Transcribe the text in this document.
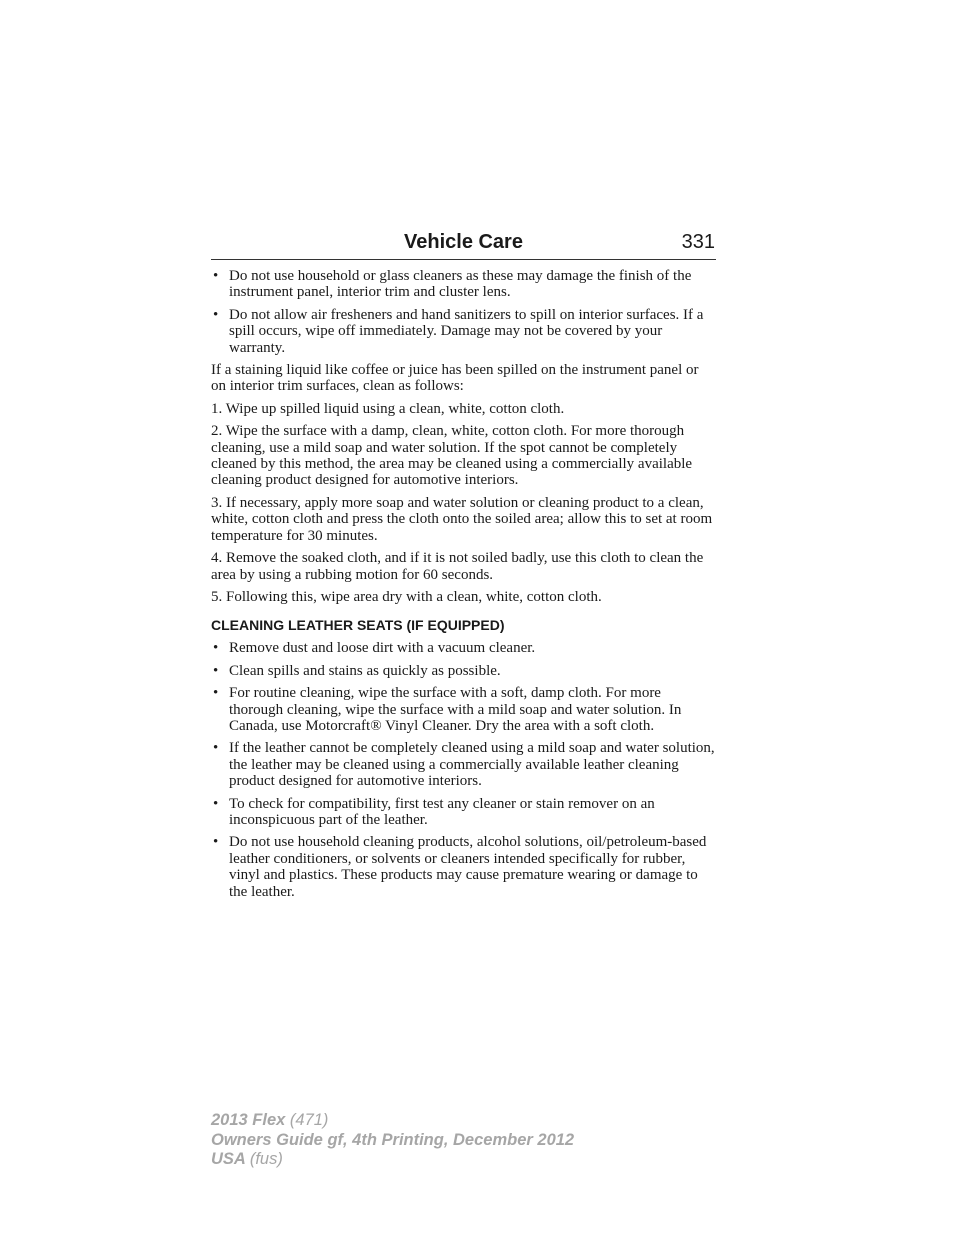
Vehicle Care	331
• Do not use household or glass cleaners as these may damage the finish of the instrument panel, interior trim and cluster lens.
• Do not allow air fresheners and hand sanitizers to spill on interior surfaces. If a spill occurs, wipe off immediately. Damage may not be covered by your warranty.

If a staining liquid like coffee or juice has been spilled on the instrument panel or on interior trim surfaces, clean as follows:

1. Wipe up spilled liquid using a clean, white, cotton cloth.

2. Wipe the surface with a damp, clean, white, cotton cloth. For more thorough cleaning, use a mild soap and water solution. If the spot cannot be completely cleaned by this method, the area may be cleaned using a commercially available cleaning product designed for automotive interiors.

3. If necessary, apply more soap and water solution or cleaning product to a clean, white, cotton cloth and press the cloth onto the soiled area; allow this to set at room temperature for 30 minutes.

4. Remove the soaked cloth, and if it is not soiled badly, use this cloth to clean the area by using a rubbing motion for 60 seconds.

5. Following this, wipe area dry with a clean, white, cotton cloth.

CLEANING LEATHER SEATS (IF EQUIPPED)
• Remove dust and loose dirt with a vacuum cleaner.
• Clean spills and stains as quickly as possible.
• For routine cleaning, wipe the surface with a soft, damp cloth. For more thorough cleaning, wipe the surface with a mild soap and water solution. In Canada, use Motorcraft® Vinyl Cleaner. Dry the area with a soft cloth.
• If the leather cannot be completely cleaned using a mild soap and water solution, the leather may be cleaned using a commercially available leather cleaning product designed for automotive interiors.
• To check for compatibility, first test any cleaner or stain remover on an inconspicuous part of the leather.
• Do not use household cleaning products, alcohol solutions, oil/petroleum-based leather conditioners, or solvents or cleaners intended specifically for rubber, vinyl and plastics. These products may cause premature wearing or damage to the leather.
2013 Flex (471)
Owners Guide gf, 4th Printing, December 2012
USA (fus)
